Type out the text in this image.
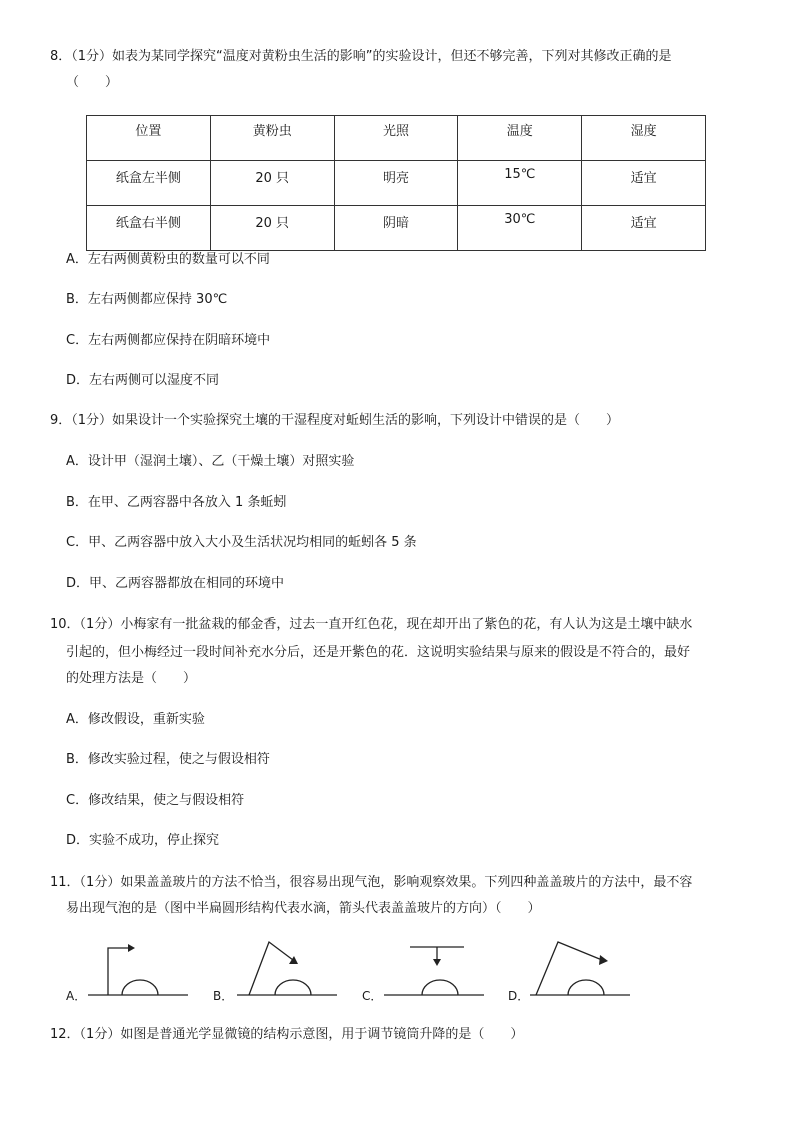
8．（1分）如表为某同学探究“温度对黄粉虫生活的影响”的实验设计，但还不够完善，下列对其修改正确的是
（　　）
位置	黄粉虫	光照	温度	湿度
纸盒左半侧	20 只	明亮	15℃	适宜
纸盒右半侧	20 只	阴暗	30℃	适宜
A．左右两侧黄粉虫的数量可以不同
B．左右两侧都应保持 30℃
C．左右两侧都应保持在阴暗环境中
D．左右两侧可以湿度不同
9．（1分）如果设计一个实验探究土壤的干湿程度对蚯蚓生活的影响，下列设计中错误的是（　　）
A．设计甲（湿润土壤）、乙（干燥土壤）对照实验
B．在甲、乙两容器中各放入 1 条蚯蚓
C．甲、乙两容器中放入大小及生活状况均相同的蚯蚓各 5 条
D．甲、乙两容器都放在相同的环境中
10．（1分）小梅家有一批盆栽的郁金香，过去一直开红色花，现在却开出了紫色的花，有人认为这是土壤中缺水
引起的，但小梅经过一段时间补充水分后，还是开紫色的花．这说明实验结果与原来的假设是不符合的，最好
的处理方法是（　　）
A．修改假设，重新实验
B．修改实验过程，使之与假设相符
C．修改结果，使之与假设相符
D．实验不成功，停止探究
11．（1分）如果盖盖玻片的方法不恰当，很容易出现气泡，影响观察效果。下列四种盖盖玻片的方法中，最不容
易出现气泡的是（图中半扁圆形结构代表水滴，箭头代表盖盖玻片的方向）（　　）
A．	B．	C．	D．
12．（1分）如图是普通光学显微镜的结构示意图，用于调节镜筒升降的是（　　）
